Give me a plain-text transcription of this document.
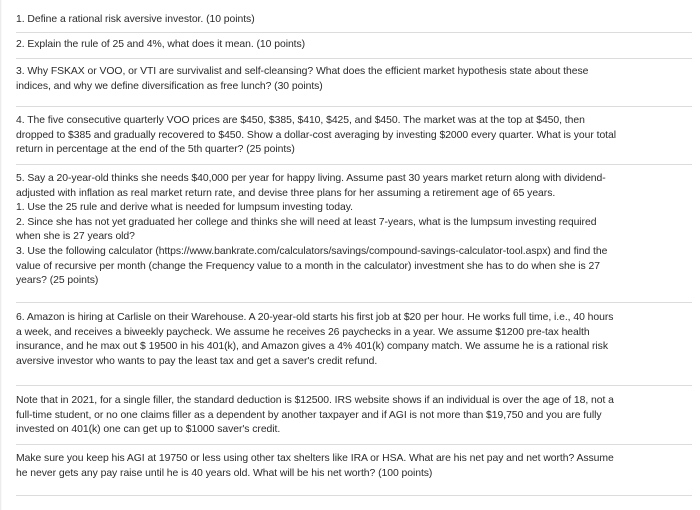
1. Define a rational risk aversive investor. (10 points)

2. Explain the rule of 25 and 4%, what does it mean. (10 points)

3. Why FSKAX or VOO, or VTI are survivalist and self-cleansing? What does the efficient market hypothesis state about these

indices, and why we define diversification as free lunch? (30 points)

4. The five consecutive quarterly VOO prices are $450, $385, $410, $425, and $450. The market was at the top at $450, then

dropped to $385 and gradually recovered to $450. Show a dollar-cost averaging by investing $2000 every quarter. What is your total

return in percentage at the end of the 5th quarter? (25 points)

5. Say a 20-year-old thinks she needs $40,000 per year for happy living. Assume past 30 years market return along with dividend-

adjusted with inflation as real market return rate, and devise three plans for her assuming a retirement age of 65 years.

1. Use the 25 rule and derive what is needed for lumpsum investing today.

2. Since she has not yet graduated her college and thinks she will need at least 7-years, what is the lumpsum investing required

when she is 27 years old?

3. Use the following calculator (https://www.bankrate.com/calculators/savings/compound-savings-calculator-tool.aspx) and find the

value of recursive per month (change the Frequency value to a month in the calculator) investment she has to do when she is 27

years? (25 points)

6. Amazon is hiring at Carlisle on their Warehouse. A 20-year-old starts his first job at $20 per hour. He works full time, i.e., 40 hours

a week, and receives a biweekly paycheck. We assume he receives 26 paychecks in a year. We assume $1200 pre-tax health

insurance, and he max out $ 19500 in his 401(k), and Amazon gives a 4% 401(k) company match. We assume he is a rational risk

aversive investor who wants to pay the least tax and get a saver's credit refund.

Note that in 2021, for a single filler, the standard deduction is $12500. IRS website shows if an individual is over the age of 18, not a

full-time student, or no one claims filler as a dependent by another taxpayer and if AGI is not more than $19,750 and you are fully

invested on 401(k) one can get up to $1000 saver's credit.

Make sure you keep his AGI at 19750 or less using other tax shelters like IRA or HSA. What are his net pay and net worth? Assume

he never gets any pay raise until he is 40 years old. What will be his net worth? (100 points)
